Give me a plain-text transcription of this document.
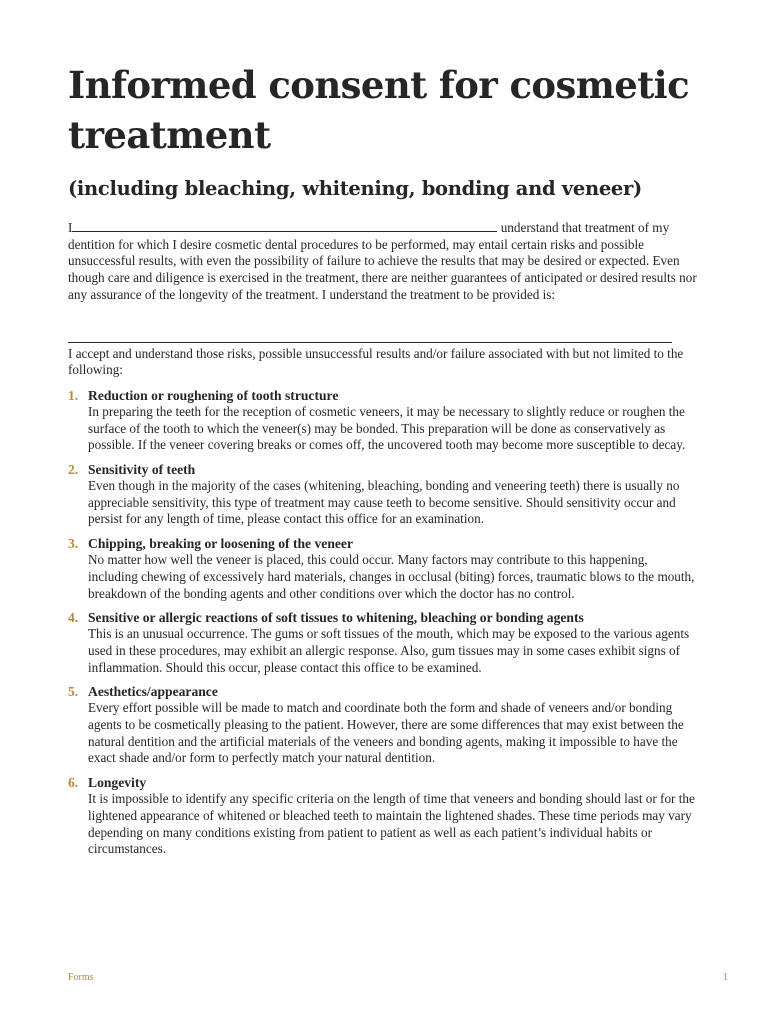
Informed consent for cosmetic treatment
(including bleaching, whitening, bonding and veneer)

I	understand that treatment of my dentition for which I desire cosmetic dental procedures to be performed, may entail certain risks and possible unsuccessful results, with even the possibility of failure to achieve the results that may be desired or expected. Even though care and diligence is exercised in the treatment, there are neither guarantees of anticipated or desired results nor any assurance of the longevity of the treatment. I understand the treatment to be provided is:

I accept and understand those risks, possible unsuccessful results and/or failure associated with but not limited to the following:

1. Reduction or roughening of tooth structure

In preparing the teeth for the reception of cosmetic veneers, it may be necessary to slightly reduce or roughen the surface of the tooth to which the veneer(s) may be bonded. This preparation will be done as conservatively as possible. If the veneer covering breaks or comes off, the uncovered tooth may become more susceptible to decay.

2. Sensitivity of teeth

Even though in the majority of the cases (whitening, bleaching, bonding and veneering teeth) there is usually no appreciable sensitivity, this type of treatment may cause teeth to become sensitive. Should sensitivity occur and persist for any length of time, please contact this office for an examination.

3. Chipping, breaking or loosening of the veneer

No matter how well the veneer is placed, this could occur. Many factors may contribute to this happening, including chewing of excessively hard materials, changes in occlusal (biting) forces, traumatic blows to the mouth, breakdown of the bonding agents and other conditions over which the doctor has no control.

4. Sensitive or allergic reactions of soft tissues to whitening, bleaching or bonding agents

This is an unusual occurrence. The gums or soft tissues of the mouth, which may be exposed to the various agents used in these procedures, may exhibit an allergic response. Also, gum tissues may in some cases exhibit signs of inflammation. Should this occur, please contact this office to be examined.

5. Aesthetics/appearance

Every effort possible will be made to match and coordinate both the form and shade of veneers and/or bonding agents to be cosmetically pleasing to the patient. However, there are some differences that may exist between the natural dentition and the artificial materials of the veneers and bonding agents, making it impossible to have the exact shade and/or form to perfectly match your natural dentition.

6. Longevity

It is impossible to identify any specific criteria on the length of time that veneers and bonding should last or for the lightened appearance of whitened or bleached teeth to maintain the lightened shades. These time periods may vary depending on many conditions existing from patient to patient as well as each patient’s individual habits or circumstances.

Forms	1
